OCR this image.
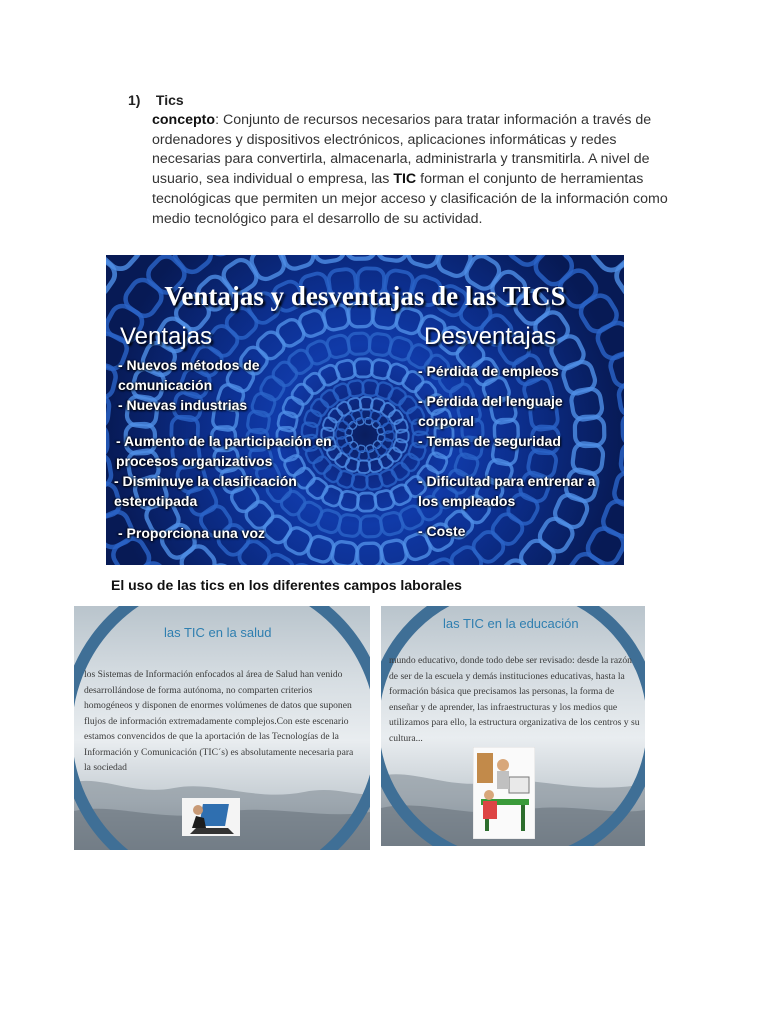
1) Tics
concepto: Conjunto de recursos necesarios para tratar información a través de ordenadores y dispositivos electrónicos, aplicaciones informáticas y redes necesarias para convertirla, almacenarla, administrarla y transmitirla. A nivel de usuario, sea individual o empresa, las TIC forman el conjunto de herramientas tecnológicas que permiten un mejor acceso y clasificación de la información como medio tecnológico para el desarrollo de su actividad.
Ventajas y desventajas de las TICS
Ventajas	Desventajas
- Nuevos métodos de comunicación
- Nuevas industrias
- Aumento de la participación en procesos organizativos
- Disminuye la clasificación esterotipada
- Proporciona una voz
- Pérdida de empleos
- Pérdida del lenguaje corporal
- Temas de seguridad
- Dificultad para entrenar a los empleados
- Coste
El uso de las tics en los diferentes campos laborales
las TIC en la salud
los Sistemas de Información enfocados al área de Salud han venido desarrollándose de forma autónoma, no comparten criterios homogéneos y disponen de enormes volúmenes de datos que suponen flujos de información extremadamente complejos.Con este escenario estamos convencidos de que la aportación de las Tecnologías de la Información y Comunicación (TIC´s) es absolutamente necesaria para la sociedad
las TIC en la educación
mundo educativo, donde todo debe ser revisado: desde la razón de ser de la escuela y demás instituciones educativas, hasta la formación básica que precisamos las personas, la forma de enseñar y de aprender, las infraestructuras y los medios que utilizamos para ello, la estructura organizativa de los centros y su cultura...
